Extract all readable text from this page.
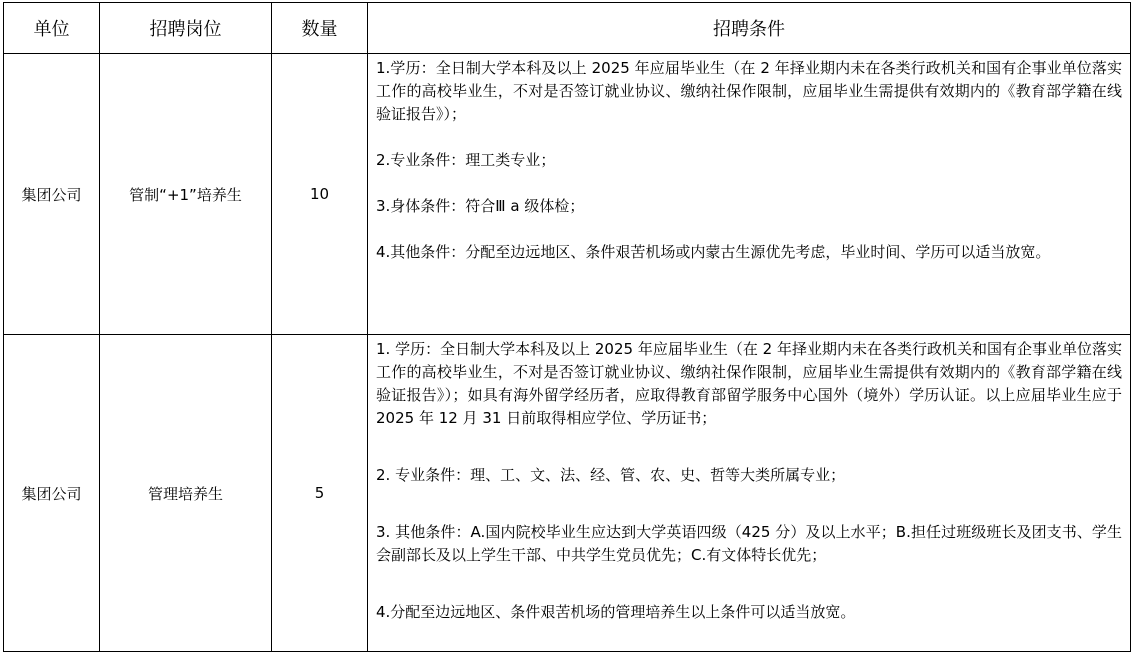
单位	招聘岗位	数量	招聘条件
集团公司	管制“+1”培养生	10	1.学历：全日制大学本科及以上 2025 年应届毕业生（在 2 年择业期内未在各类行政机关和国有企事业单位落实工作的高校毕业生，不对是否签订就业协议、缴纳社保作限制，应届毕业生需提供有效期内的《教育部学籍在线验证报告》）；

2.专业条件：理工类专业；

3.身体条件：符合Ⅲ a 级体检；

4.其他条件：分配至边远地区、条件艰苦机场或内蒙古生源优先考虑，毕业时间、学历可以适当放宽。

集团公司	管理培养生	5	1. 学历：全日制大学本科及以上 2025 年应届毕业生（在 2 年择业期内未在各类行政机关和国有企事业单位落实工作的高校毕业生，不对是否签订就业协议、缴纳社保作限制，应届毕业生需提供有效期内的《教育部学籍在线验证报告》）；如具有海外留学经历者，应取得教育部留学服务中心国外（境外）学历认证。以上应届毕业生应于 2025 年 12 月 31 日前取得相应学位、学历证书；

2. 专业条件：理、工、文、法、经、管、农、史、哲等大类所属专业；

3. 其他条件：A.国内院校毕业生应达到大学英语四级（425 分）及以上水平；B.担任过班级班长及团支书、学生会副部长及以上学生干部、中共学生党员优先；C.有文体特长优先；

4.分配至边远地区、条件艰苦机场的管理培养生以上条件可以适当放宽。
